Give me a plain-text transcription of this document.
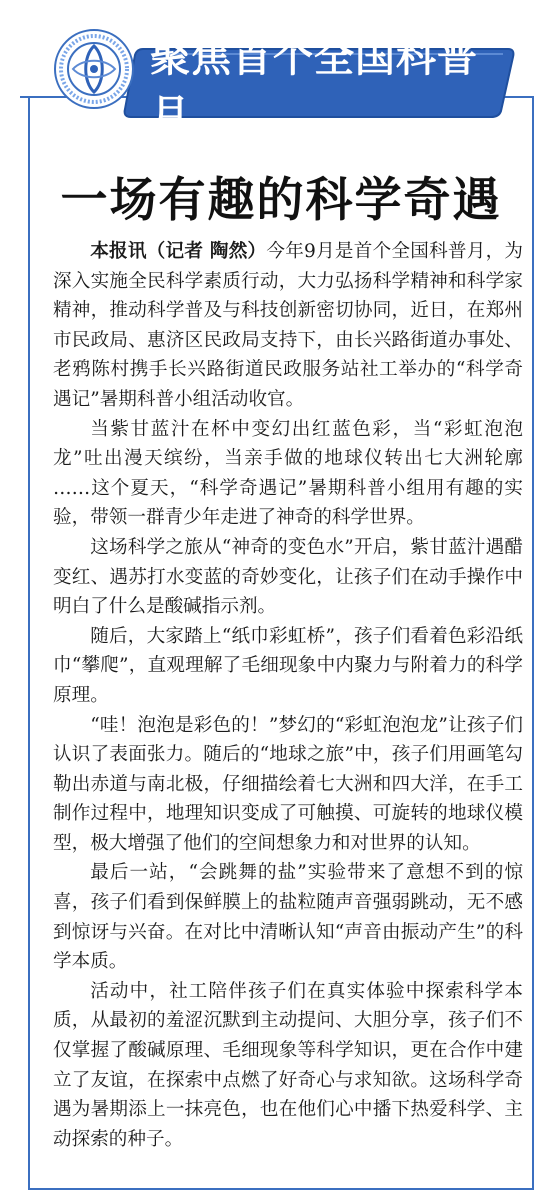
聚焦首个全国科普月
一场有趣的科学奇遇

本报讯（记者 陶然）今年9月是首个全国科普月，为深入实施全民科学素质行动，大力弘扬科学精神和科学家精神，推动科学普及与科技创新密切协同，近日，在郑州市民政局、惠济区民政局支持下，由长兴路街道办事处、老鸦陈村携手长兴路街道民政服务站社工举办的“科学奇遇记”暑期科普小组活动收官。

当紫甘蓝汁在杯中变幻出红蓝色彩，当“彩虹泡泡龙”吐出漫天缤纷，当亲手做的地球仪转出七大洲轮廓 ……这个夏天，“科学奇遇记”暑期科普小组用有趣的实验，带领一群青少年走进了神奇的科学世界。

这场科学之旅从“神奇的变色水”开启，紫甘蓝汁遇醋变红、遇苏打水变蓝的奇妙变化，让孩子们在动手操作中明白了什么是酸碱指示剂。

随后，大家踏上“纸巾彩虹桥”，孩子们看着色彩沿纸巾“攀爬”，直观理解了毛细现象中内聚力与附着力的科学原理。

“哇！泡泡是彩色的！”梦幻的“彩虹泡泡龙”让孩子们认识了表面张力。随后的“地球之旅”中，孩子们用画笔勾勒出赤道与南北极，仔细描绘着七大洲和四大洋，在手工制作过程中，地理知识变成了可触摸、可旋转的地球仪模型，极大增强了他们的空间想象力和对世界的认知。

最后一站，“会跳舞的盐”实验带来了意想不到的惊喜，孩子们看到保鲜膜上的盐粒随声音强弱跳动，无不感到惊讶与兴奋。在对比中清晰认知“声音由振动产生”的科学本质。

活动中，社工陪伴孩子们在真实体验中探索科学本质，从最初的羞涩沉默到主动提问、大胆分享，孩子们不仅掌握了酸碱原理、毛细现象等科学知识，更在合作中建立了友谊，在探索中点燃了好奇心与求知欲。这场科学奇遇为暑期添上一抹亮色，也在他们心中播下热爱科学、主动探索的种子。
